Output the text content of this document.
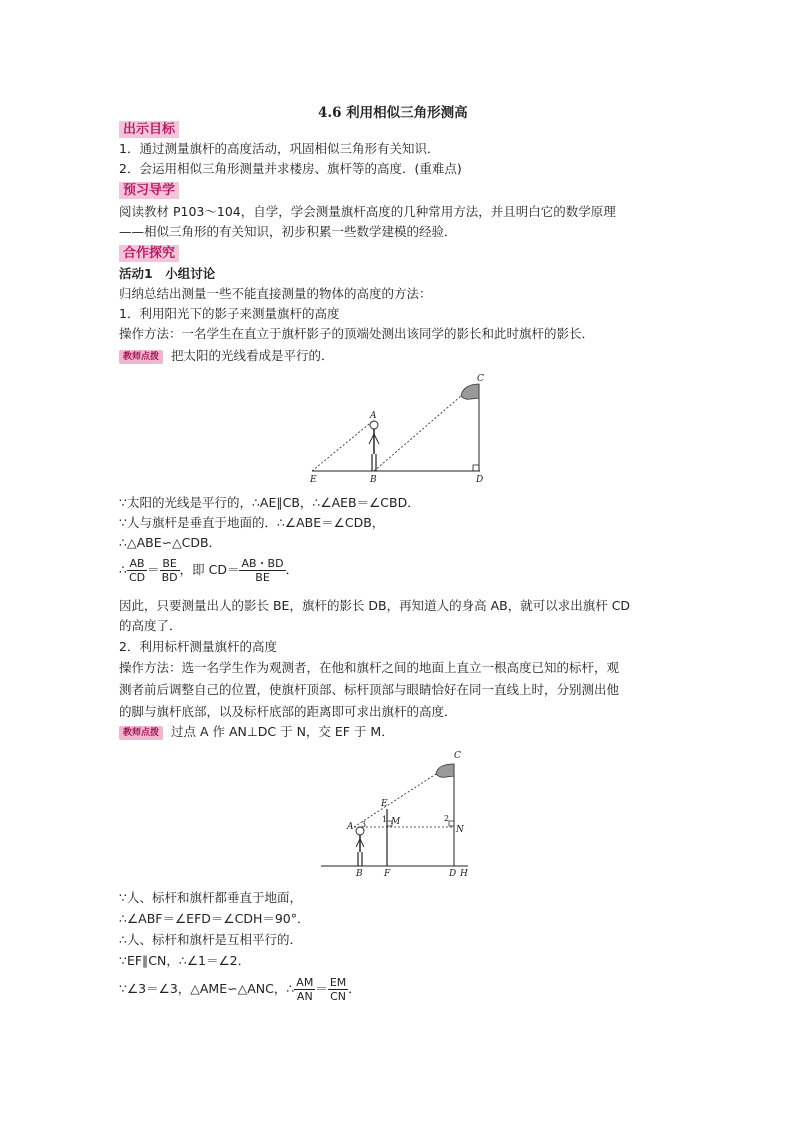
4.6 利用相似三角形测高
出示目标
1．通过测量旗杆的高度活动，巩固相似三角形有关知识．
2．会运用相似三角形测量并求楼房、旗杆等的高度．(重难点)
预习导学
阅读教材 P103～104，自学，学会测量旗杆高度的几种常用方法，并且明白它的数学原理
——相似三角形的有关知识，初步积累一些数学建模的经验．
合作探究
活动1　小组讨论
归纳总结出测量一些不能直接测量的物体的高度的方法：
1．利用阳光下的影子来测量旗杆的高度
操作方法：一名学生在直立于旗杆影子的顶端处测出该同学的影长和此时旗杆的影长．
教师点拨 把太阳的光线看成是平行的．
A
B
C
D
E
∵太阳的光线是平行的，∴AE∥CB，∴∠AEB＝∠CBD．
∵人与旗杆是垂直于地面的．∴∠ABE＝∠CDB，
∴△ABE∽△CDB．
∴ $\frac{AB}{CD} = \frac{BE}{BD}$ ，即 $CD= \frac{AB・BD}{BE}$ ．
因此，只要测量出人的影长 BE，旗杆的影长 DB，再知道人的身高 AB，就可以求出旗杆 CD
的高度了．
2．利用标杆测量旗杆的高度
操作方法：选一名学生作为观测者，在他和旗杆之间的地面上直立一根高度已知的标杆，观
测者前后调整自己的位置，使旗杆顶部、标杆顶部与眼睛恰好在同一直线上时，分别测出他
的脚与旗杆底部，以及标杆底部的距离即可求出旗杆的高度．
教师点拨 过点 A 作 AN⊥DC 于 N，交 EF 于 M．
A
B
C
D
E
F	H
M
N
1	2
3
∵人、标杆和旗杆都垂直于地面，
∴∠ABF＝∠EFD＝∠CDH＝90°．
∴人、标杆和旗杆是互相平行的．
∵EF∥CN，∴∠1＝∠2．
∵∠3＝∠3，△AME∽△ANC，∴ $\frac{AM}{AN} = \frac{EM}{CN}$ ．
